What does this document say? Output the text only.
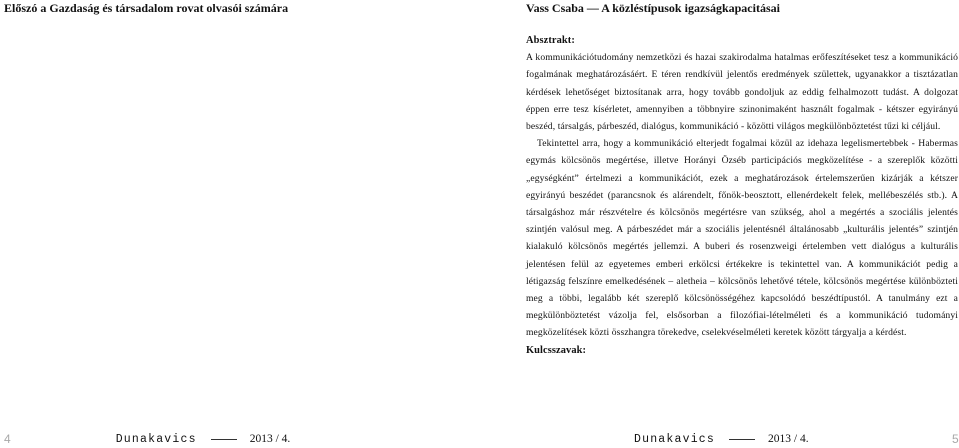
Előszó a Gazdaság és társadalom rovat olvasói számára
4	Dunakavics	2013 / 4.
Vass Csaba — A közléstípusok igazságkapacitásai
Absztrakt:

A kommunikációtudomány nemzetközi és hazai szakirodalma hatalmas erőfeszítéseket tesz a kommunikáció fogalmának meghatározásáért. E téren rendkívül jelentős eredmények születtek, ugyanakkor a tisztázatlan kérdések lehetőséget biztosítanak arra, hogy tovább gondoljuk az eddig felhalmozott tudást. A dolgozat éppen erre tesz kísérletet, amennyiben a többnyire szinonimaként használt fogalmak - kétszer egyirányú beszéd, társalgás, párbeszéd, dialógus, kommunikáció - közötti világos megkülönböztetést tűzi ki céljául.

Tekintettel arra, hogy a kommunikáció elterjedt fogalmai közül az idehaza legelismertebbek - Habermas egymás kölcsönös megértése, illetve Horányi Özséb participációs megközelítése - a szereplők közötti „egységként” értelmezi a kommunikációt, ezek a meghatározások értelemszerűen kizárják a kétszer egyirányú beszédet (parancsnok és alárendelt, főnök-beosztott, ellenérdekelt felek, mellébeszélés stb.). A társalgáshoz már részvételre és kölcsönös megértésre van szükség, ahol a megértés a szociális jelentés szintjén valósul meg. A párbeszédet már a szociális jelentésnél általánosabb „kulturális jelentés” szintjén kialakuló kölcsönös megértés jellemzi. A buberi és rosenzweigi értelemben vett dialógus a kulturális jelentésen felül az egyetemes emberi erkölcsi értékekre is tekintettel van. A kommunikációt pedig a létigazság felszínre emelkedésének – aletheia – kölcsönös lehetővé tétele, kölcsönös megértése különbözteti meg a többi, legalább két szereplő kölcsönösségéhez kapcsolódó beszédtípustól. A tanulmány ezt a megkülönböztetést vázolja fel, elsősorban a filozófiai-lételméleti és a kommunikáció tudományi megközelítések közti összhangra törekedve, cselekvéselméleti keretek között tárgyalja a kérdést.

Kulcsszavak:
Dunakavics	2013 / 4.	5
